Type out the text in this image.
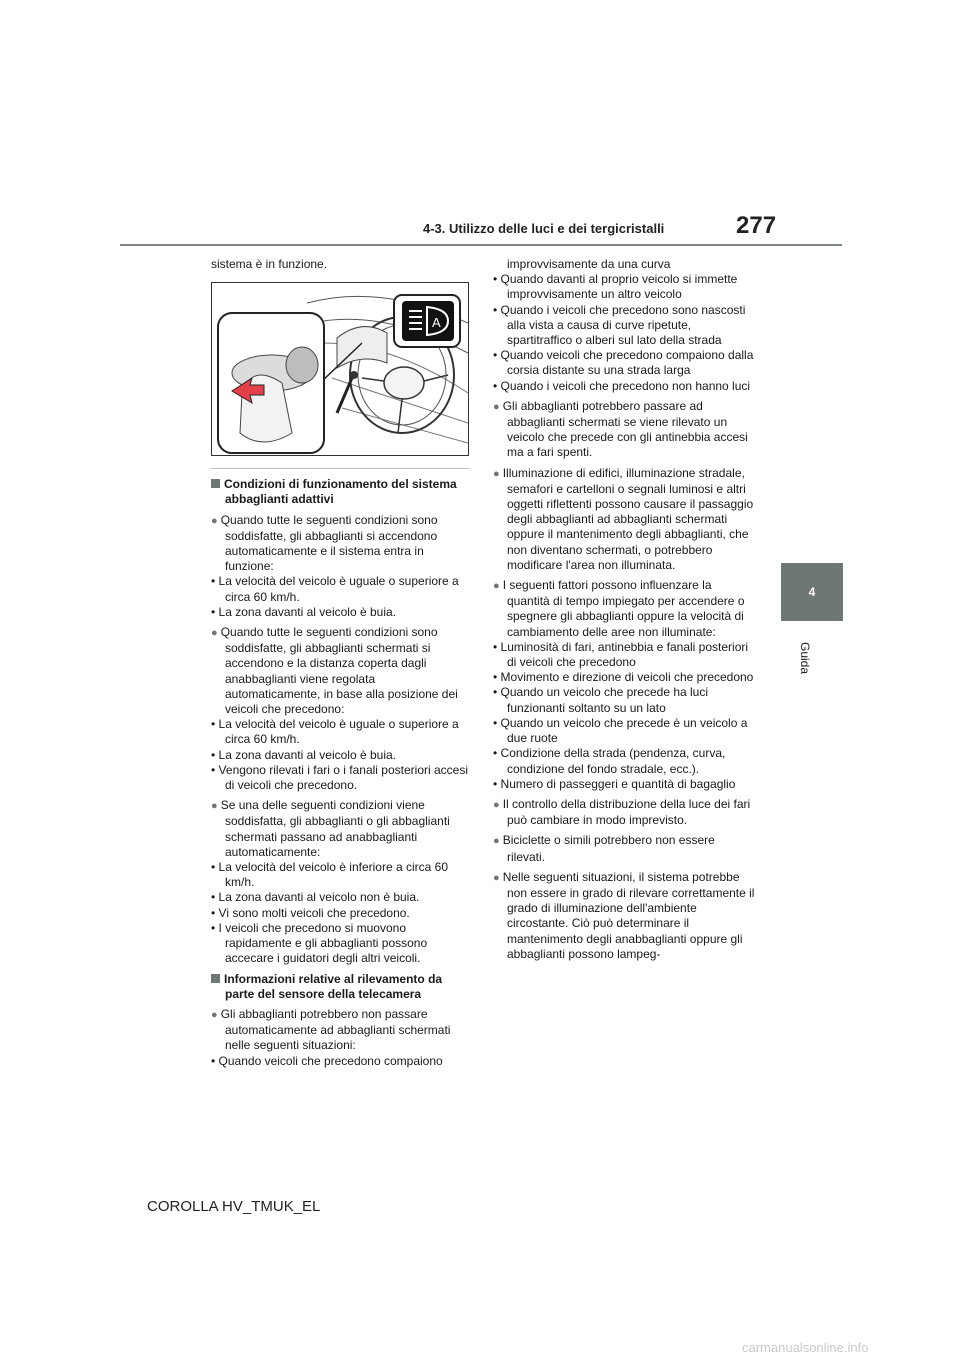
4-3. Utilizzo delle luci e dei tergicristalli	277
4
Guida

sistema è in funzione.

A

Condizioni di funzionamento del sistema abbaglianti adattivi

● Quando tutte le seguenti condizioni sono soddisfatte, gli abbaglianti si accendono automaticamente e il sistema entra in funzione:

• La velocità del veicolo è uguale o superiore a circa 60 km/h.

• La zona davanti al veicolo è buia.

● Quando tutte le seguenti condizioni sono soddisfatte, gli abbaglianti schermati si accendono e la distanza coperta dagli anabbaglianti viene regolata automaticamente, in base alla posizione dei veicoli che precedono:

• La velocità del veicolo è uguale o superiore a circa 60 km/h.

• La zona davanti al veicolo è buia.

• Vengono rilevati i fari o i fanali posteriori accesi di veicoli che precedono.

● Se una delle seguenti condizioni viene soddisfatta, gli abbaglianti o gli abbaglianti schermati passano ad anabbaglianti automaticamente:

• La velocità del veicolo è inferiore a circa 60 km/h.

• La zona davanti al veicolo non è buia.

• Vi sono molti veicoli che precedono.

• I veicoli che precedono si muovono rapidamente e gli abbaglianti possono accecare i guidatori degli altri veicoli.

Informazioni relative al rilevamento da parte del sensore della telecamera

● Gli abbaglianti potrebbero non passare automaticamente ad abbaglianti schermati nelle seguenti situazioni:

• Quando veicoli che precedono compaiono

improvvisamente da una curva

• Quando davanti al proprio veicolo si immette improvvisamente un altro veicolo

• Quando i veicoli che precedono sono nascosti alla vista a causa di curve ripetute, spartitraffico o alberi sul lato della strada

• Quando veicoli che precedono compaiono dalla corsia distante su una strada larga

• Quando i veicoli che precedono non hanno luci

● Gli abbaglianti potrebbero passare ad abbaglianti schermati se viene rilevato un veicolo che precede con gli antinebbia accesi ma a fari spenti.

● Illuminazione di edifici, illuminazione stradale, semafori e cartelloni o segnali luminosi e altri oggetti riflettenti possono causare il passaggio degli abbaglianti ad abbaglianti schermati oppure il mantenimento degli abbaglianti, che non diventano schermati, o potrebbero modificare l'area non illuminata.

● I seguenti fattori possono influenzare la quantità di tempo impiegato per accendere o spegnere gli abbaglianti oppure la velocità di cambiamento delle aree non illuminate:

• Luminosità di fari, antinebbia e fanali posteriori di veicoli che precedono

• Movimento e direzione di veicoli che precedono

• Quando un veicolo che precede ha luci funzionanti soltanto su un lato

• Quando un veicolo che precede è un veicolo a due ruote

• Condizione della strada (pendenza, curva, condizione del fondo stradale, ecc.).

• Numero di passeggeri e quantità di bagaglio

● Il controllo della distribuzione della luce dei fari può cambiare in modo imprevisto.

● Biciclette o simili potrebbero non essere rilevati.

● Nelle seguenti situazioni, il sistema potrebbe non essere in grado di rilevare correttamente il grado di illuminazione dell'ambiente circostante. Ciò può determinare il mantenimento degli anabbaglianti oppure gli abbaglianti possono lampeg-

COROLLA HV_TMUK_EL
carmanualsonline.info
